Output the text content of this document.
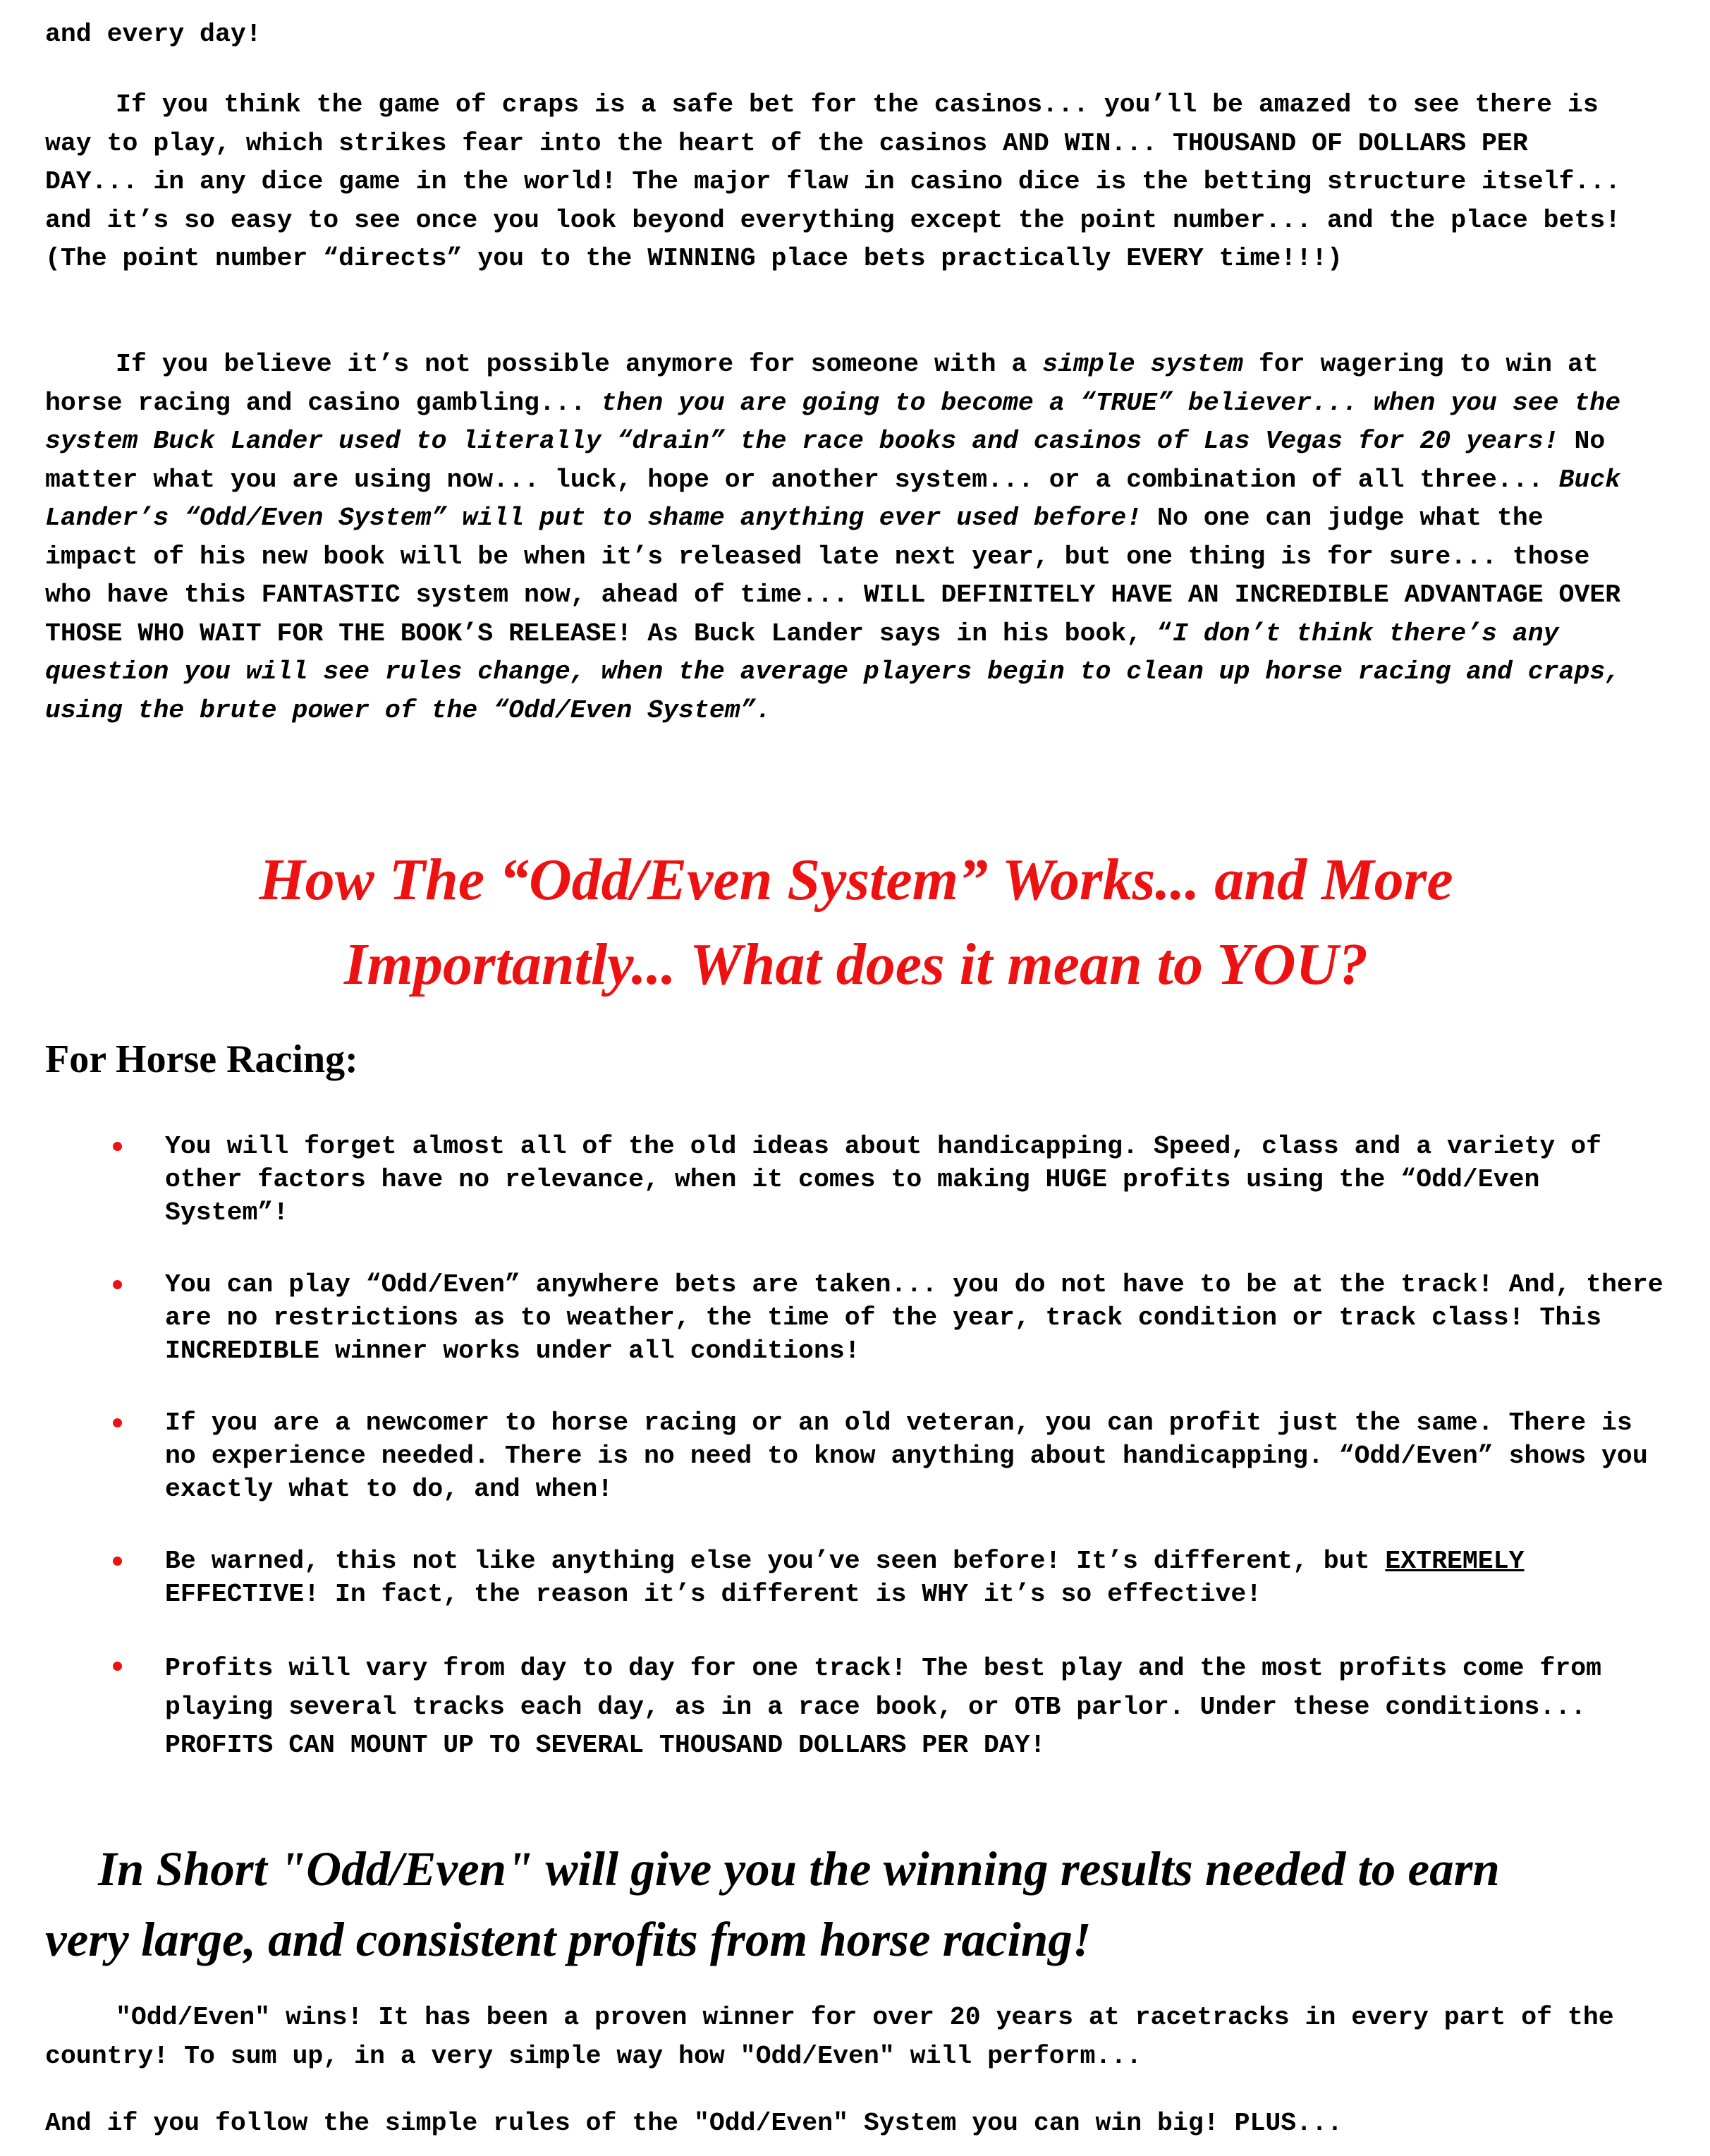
and every day!

If you think the game of craps is a safe bet for the casinos... you’ll be amazed to see there is way to play, which strikes fear into the heart of the casinos AND WIN... THOUSAND OF DOLLARS PER DAY... in any dice game in the world! The major flaw in casino dice is the betting structure itself... and it’s so easy to see once you look beyond everything except the point number... and the place bets! (The point number “directs” you to the WINNING place bets practically EVERY time!!!)

If you believe it’s not possible anymore for someone with a simple system for wagering to win at horse racing and casino gambling... then you are going to become a “TRUE” believer... when you see the system Buck Lander used to literally “drain” the race books and casinos of Las Vegas for 20 years! No matter what you are using now... luck, hope or another system... or a combination of all three... Buck Lander’s “Odd/Even System” will put to shame anything ever used before! No one can judge what the impact of his new book will be when it’s released late next year, but one thing is for sure... those who have this FANTASTIC system now, ahead of time... WILL DEFINITELY HAVE AN INCREDIBLE ADVANTAGE OVER THOSE WHO WAIT FOR THE BOOK’S RELEASE! As Buck Lander says in his book, “I don’t think there’s any question you will see rules change, when the average players begin to clean up horse racing and craps, using the brute power of the “Odd/Even System”.

How The “Odd/Even System” Works... and More

Importantly... What does it mean to YOU?

For Horse Racing:
You will forget almost all of the old ideas about handicapping. Speed, class and a variety of other factors have no relevance, when it comes to making HUGE profits using the “Odd/Even System”!
You can play “Odd/Even” anywhere bets are taken... you do not have to be at the track! And, there are no restrictions as to weather, the time of the year, track condition or track class! This INCREDIBLE winner works under all conditions!
If you are a newcomer to horse racing or an old veteran, you can profit just the same. There is no experience needed. There is no need to know anything about handicapping. “Odd/Even” shows you exactly what to do, and when!
Be warned, this not like anything else you’ve seen before! It’s different, but EXTREMELY EFFECTIVE! In fact, the reason it’s different is WHY it’s so effective!
Profits will vary from day to day for one track! The best play and the most profits come from playing several tracks each day, as in a race book, or OTB parlor. Under these conditions... PROFITS CAN MOUNT UP TO SEVERAL THOUSAND DOLLARS PER DAY!
In Short "Odd/Even" will give you the winning results needed to earn
very large, and consistent profits from horse racing!

"Odd/Even" wins! It has been a proven winner for over 20 years at racetracks in every part of the country! To sum up, in a very simple way how "Odd/Even" will perform...

And if you follow the simple rules of the "Odd/Even" System you can win big! PLUS...
